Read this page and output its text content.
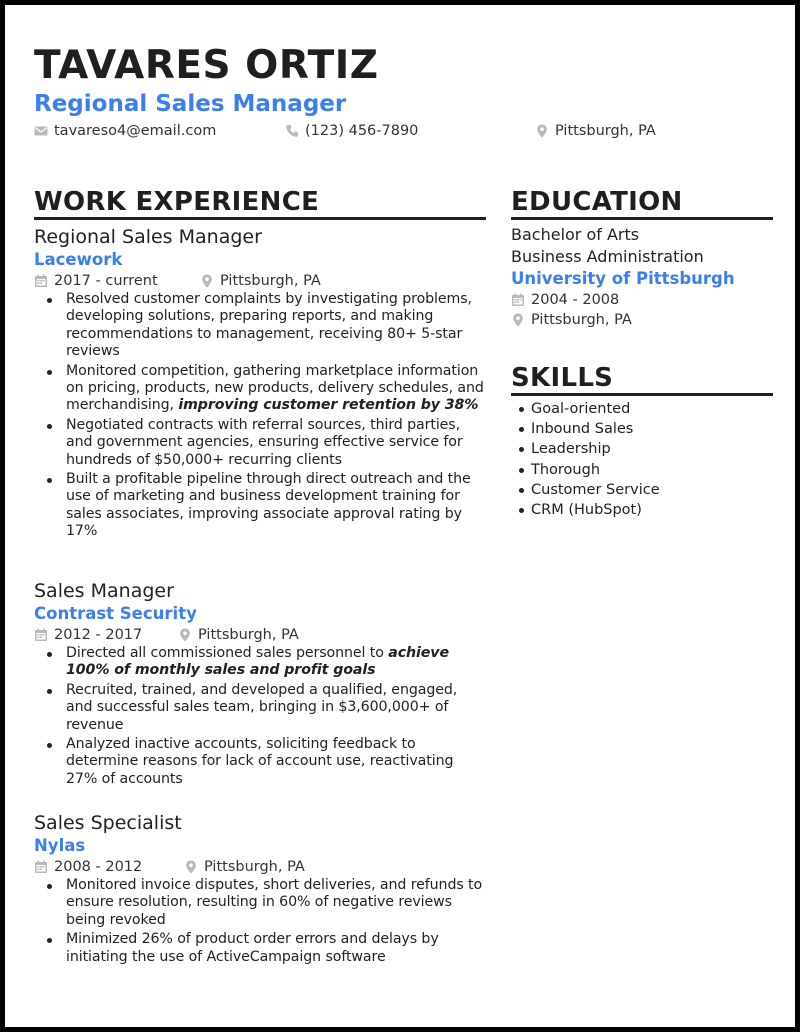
TAVARES ORTIZ
Regional Sales Manager
tavareso4@email.com	(123) 456-7890	Pittsburgh, PA
WORK EXPERIENCE
Regional Sales Manager
Lacework
2017 - current	Pittsburgh, PA
Resolved customer complaints by investigating problems, developing solutions, preparing reports, and making recommendations to management, receiving 80+ 5-star reviews
Monitored competition, gathering marketplace information on pricing, products, new products, delivery schedules, and merchandising, improving customer retention by 38%
Negotiated contracts with referral sources, third parties, and government agencies, ensuring effective service for hundreds of $50,000+ recurring clients
Built a profitable pipeline through direct outreach and the use of marketing and business development training for sales associates, improving associate approval rating by 17%
Sales Manager
Contrast Security
2012 - 2017	Pittsburgh, PA
Directed all commissioned sales personnel to achieve 100% of monthly sales and profit goals
Recruited, trained, and developed a qualified, engaged, and successful sales team, bringing in $3,600,000+ of revenue
Analyzed inactive accounts, soliciting feedback to determine reasons for lack of account use, reactivating 27% of accounts
Sales Specialist
Nylas
2008 - 2012	Pittsburgh, PA
Monitored invoice disputes, short deliveries, and refunds to ensure resolution, resulting in 60% of negative reviews being revoked
Minimized 26% of product order errors and delays by initiating the use of ActiveCampaign software
EDUCATION
Bachelor of Arts
Business Administration
University of Pittsburgh
2004 - 2008
Pittsburgh, PA
SKILLS
Goal-oriented
Inbound Sales
Leadership
Thorough
Customer Service
CRM (HubSpot)
